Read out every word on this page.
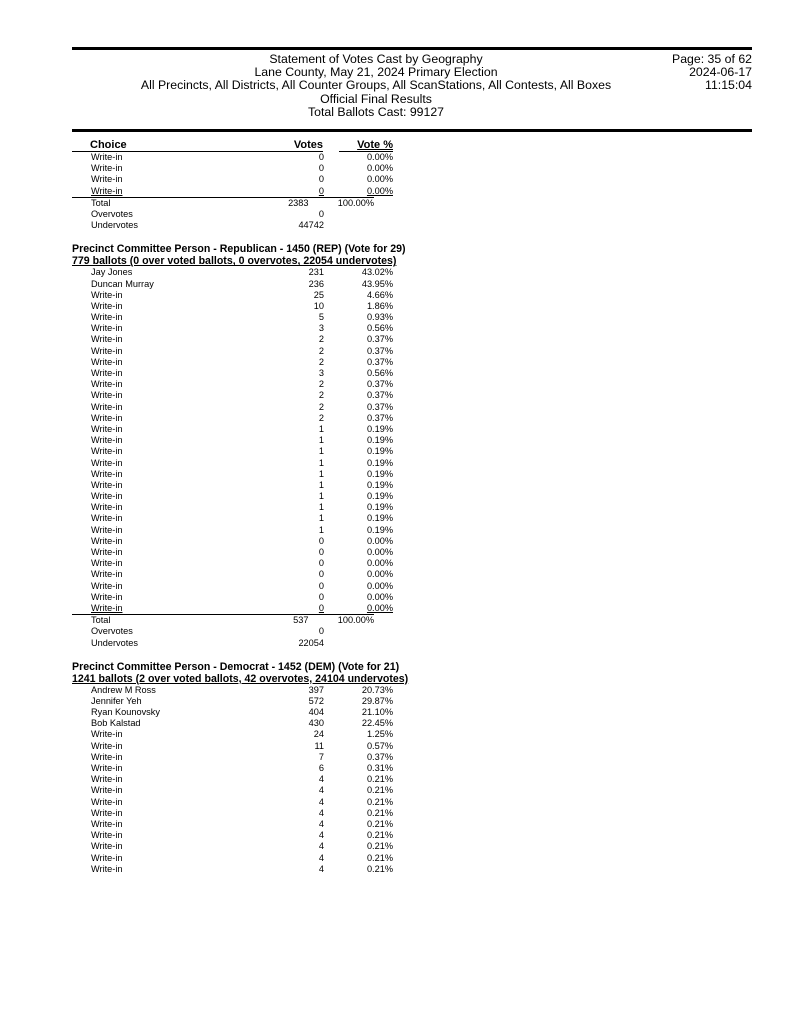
Statement of Votes Cast by Geography
Lane County, May 21, 2024 Primary Election
All Precincts, All Districts, All Counter Groups, All ScanStations, All Contests, All Boxes
Official Final Results
Total Ballots Cast: 99127
Page: 35 of 62
2024-06-17
11:15:04
Choice	Votes	Vote %
Write-in	0	0.00%
Write-in	0	0.00%
Write-in	0	0.00%
Write-in	0	0.00%
Total	2383	100.00%
Overvotes	0
Undervotes	44742
Precinct Committee Person - Republican - 1450 (REP) (Vote for 29)
779 ballots (0 over voted ballots, 0 overvotes, 22054 undervotes)
Jay Jones	231	43.02%
Duncan Murray	236	43.95%
Write-in	25	4.66%
Write-in	10	1.86%
Write-in	5	0.93%
Write-in	3	0.56%
Write-in	2	0.37%
Write-in	2	0.37%
Write-in	2	0.37%
Write-in	3	0.56%
Write-in	2	0.37%
Write-in	2	0.37%
Write-in	2	0.37%
Write-in	2	0.37%
Write-in	1	0.19%
Write-in	1	0.19%
Write-in	1	0.19%
Write-in	1	0.19%
Write-in	1	0.19%
Write-in	1	0.19%
Write-in	1	0.19%
Write-in	1	0.19%
Write-in	1	0.19%
Write-in	1	0.19%
Write-in	0	0.00%
Write-in	0	0.00%
Write-in	0	0.00%
Write-in	0	0.00%
Write-in	0	0.00%
Write-in	0	0.00%
Write-in	0	0.00%
Total	537	100.00%
Overvotes	0
Undervotes	22054
Precinct Committee Person - Democrat - 1452 (DEM) (Vote for 21)
1241 ballots (2 over voted ballots, 42 overvotes, 24104 undervotes)
Andrew M Ross	397	20.73%
Jennifer Yeh	572	29.87%
Ryan Kounovsky	404	21.10%
Bob Kalstad	430	22.45%
Write-in	24	1.25%
Write-in	11	0.57%
Write-in	7	0.37%
Write-in	6	0.31%
Write-in	4	0.21%
Write-in	4	0.21%
Write-in	4	0.21%
Write-in	4	0.21%
Write-in	4	0.21%
Write-in	4	0.21%
Write-in	4	0.21%
Write-in	4	0.21%
Write-in	4	0.21%
